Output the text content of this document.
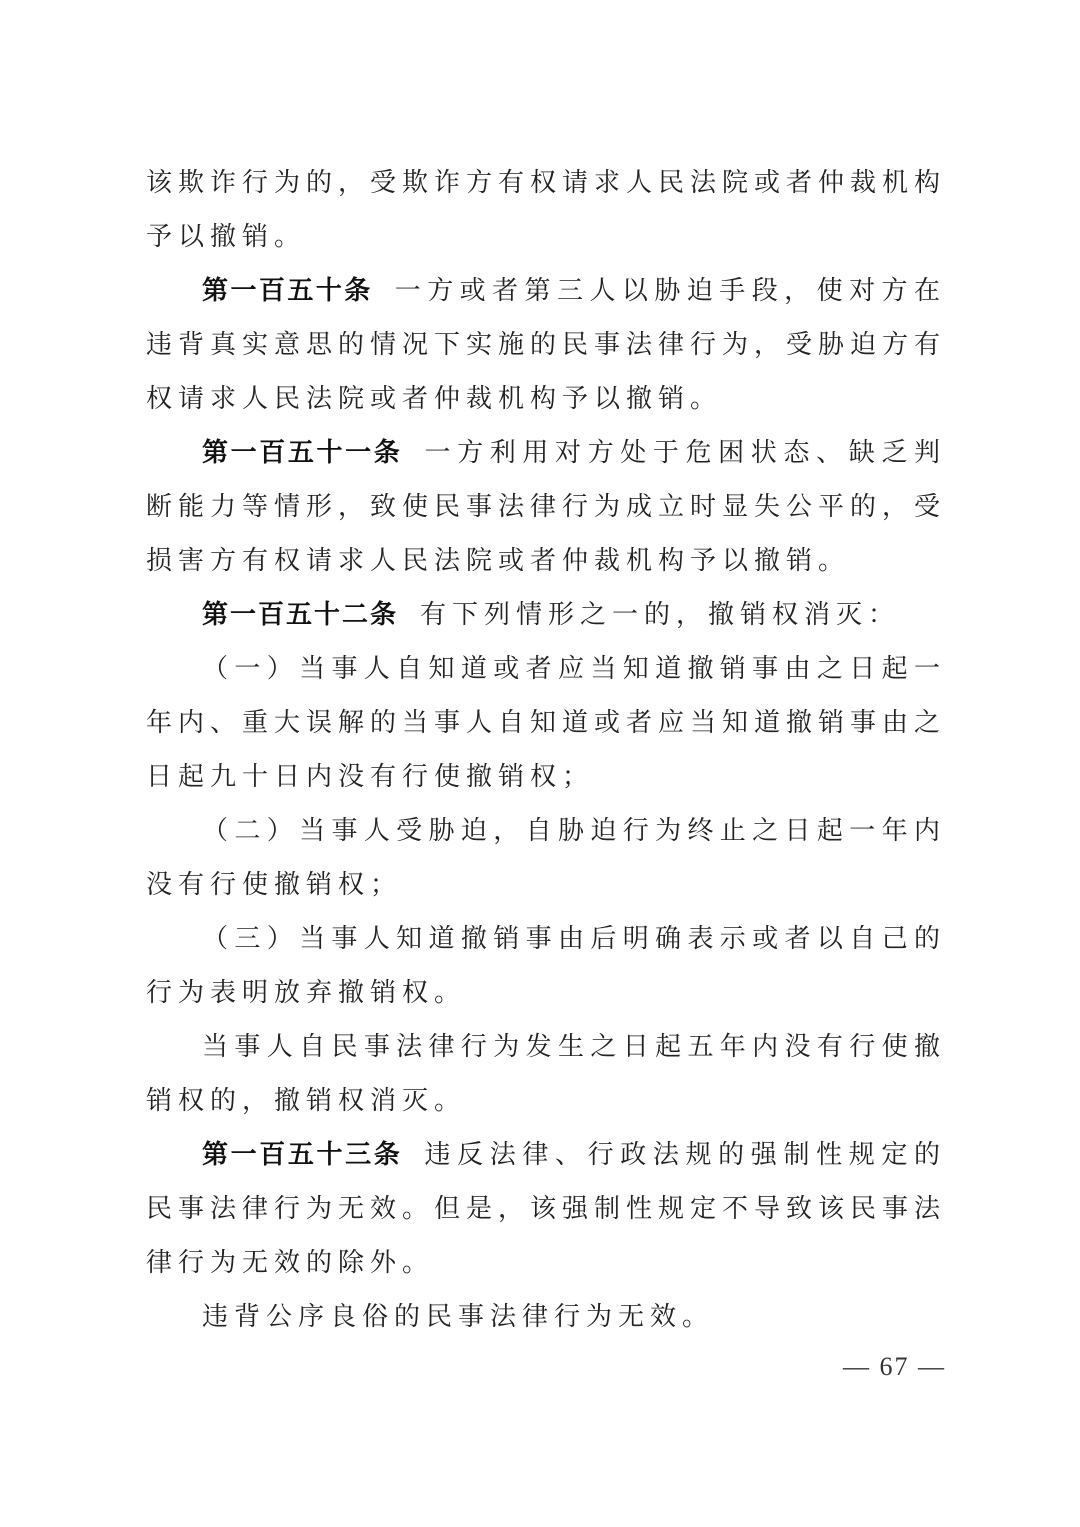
该欺诈行为的，受欺诈方有权请求人民法院或者仲裁机构予以撤销。

第一百五十条 一方或者第三人以胁迫手段，使对方在违背真实意思的情况下实施的民事法律行为，受胁迫方有权请求人民法院或者仲裁机构予以撤销。

第一百五十一条 一方利用对方处于危困状态、缺乏判断能力等情形，致使民事法律行为成立时显失公平的，受损害方有权请求人民法院或者仲裁机构予以撤销。

第一百五十二条 有下列情形之一的，撤销权消灭：

（一）当事人自知道或者应当知道撤销事由之日起一年内、重大误解的当事人自知道或者应当知道撤销事由之日起九十日内没有行使撤销权；

（二）当事人受胁迫，自胁迫行为终止之日起一年内没有行使撤销权；

（三）当事人知道撤销事由后明确表示或者以自己的行为表明放弃撤销权。

当事人自民事法律行为发生之日起五年内没有行使撤销权的，撤销权消灭。

第一百五十三条 违反法律、行政法规的强制性规定的民事法律行为无效。但是，该强制性规定不导致该民事法律行为无效的除外。

违背公序良俗的民事法律行为无效。

— 67 —
